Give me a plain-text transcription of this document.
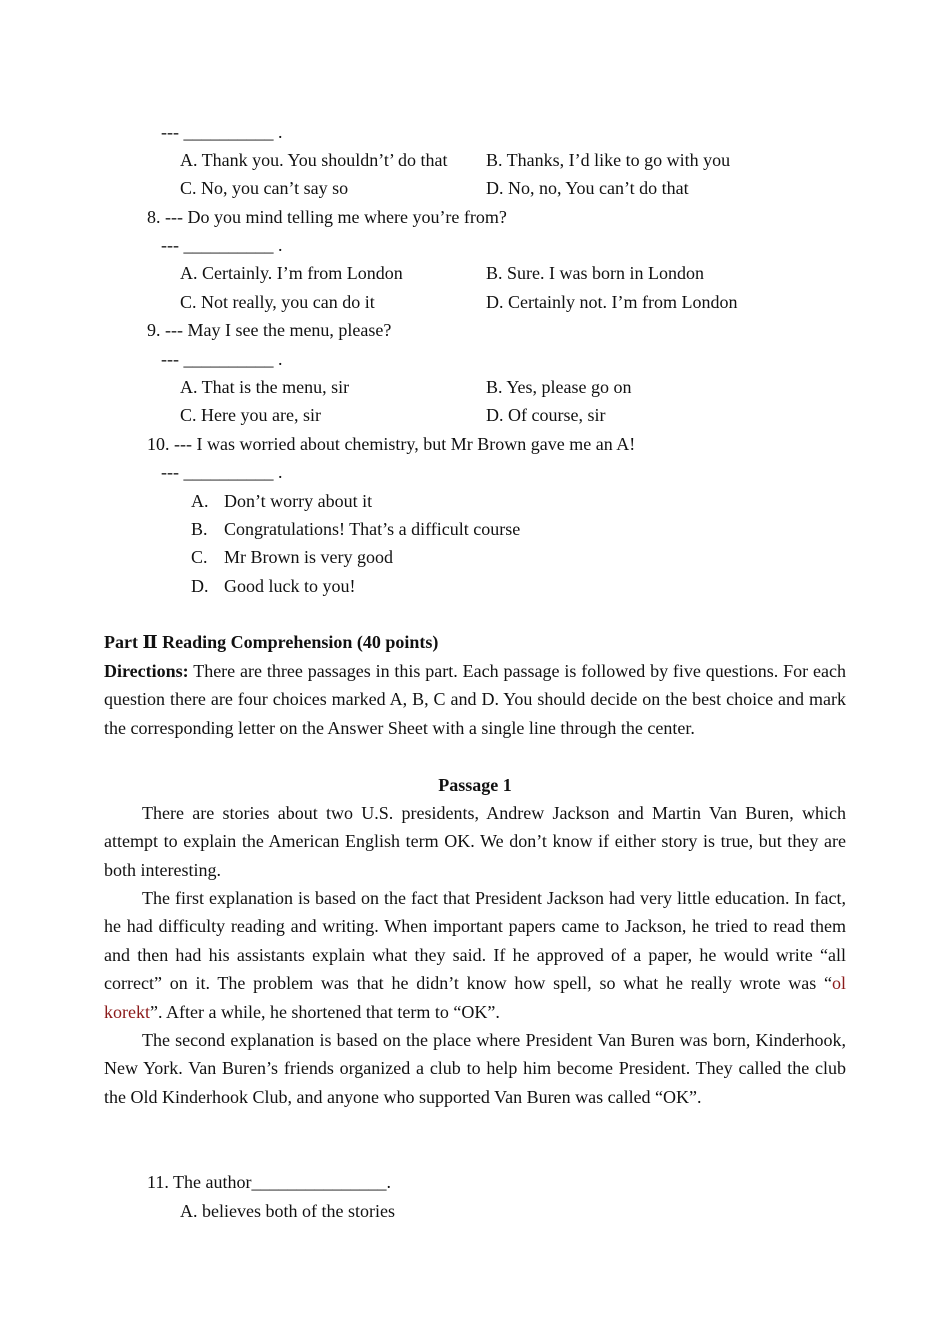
--- __________ .
A. Thank you. You shouldn’t’ do that B. Thanks, I’d like to go with you
C. No, you can’t say so	D. No, no, You can’t do that
8. --- Do you mind telling me where you’re from?
--- __________ .
A. Certainly. I’m from London	B. Sure. I was born in London
C. Not really, you can do it	D. Certainly not. I’m from London
9. --- May I see the menu, please?
--- __________ .
A. That is the menu, sir	B. Yes, please go on
C. Here you are, sir	D. Of course, sir
10. --- I was worried about chemistry, but Mr Brown gave me an A!
--- __________ .
A. Don’t worry about it
B. Congratulations! That’s a difficult course
C. Mr Brown is very good
D. Good luck to you!
Part Ⅱ Reading Comprehension (40 points)
Directions: There are three passages in this part. Each passage is followed by five questions. For each question there are four choices marked A, B, C and D. You should decide on the best choice and mark the corresponding letter on the Answer Sheet with a single line through the center.
Passage 1
There are stories about two U.S. presidents, Andrew Jackson and Martin Van Buren, which attempt to explain the American English term OK. We don’t know if either story is true, but they are both interesting.
The first explanation is based on the fact that President Jackson had very little education. In fact, he had difficulty reading and writing. When important papers came to Jackson, he tried to read them and then had his assistants explain what they said. If he approved of a paper, he would write “all correct” on it. The problem was that he didn’t know how spell, so what he really wrote was “ol korekt”. After a while, he shortened that term to “OK”.
The second explanation is based on the place where President Van Buren was born, Kinderhook, New York. Van Buren’s friends organized a club to help him become President. They called the club the Old Kinderhook Club, and anyone who supported Van Buren was called “OK”.
11. The author_______________.
A. believes both of the stories
